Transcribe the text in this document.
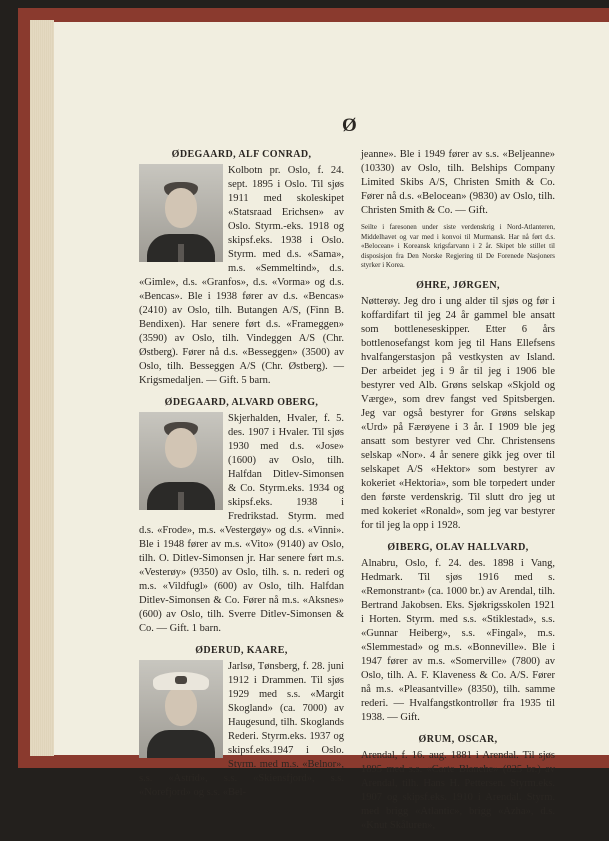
Ø
ØDEGAARD, ALF CONRAD,

Kolbotn pr. Oslo, f. 24. sept. 1895 i Oslo. Til sjøs 1911 med skoleskipet «Statsraad Erichsen» av Oslo. Styrm.-eks. 1918 og skipsf.eks. 1938 i Oslo. Styrm. med d.s. «Sama», m.s. «Semmeltind», d.s. «Gimle», d.s. «Granfos», d.s. «Vorma» og d.s. «Bencas». Ble i 1938 fører av d.s. «Bencas» (2410) av Oslo, tilh. Butangen A/S, (Finn B. Bendixen). Har senere ført d.s. «Frameggen» (3590) av Oslo, tilh. Vindeggen A/S (Chr. Østberg). Fører nå d.s. «Besseggen» (3500) av Oslo, tilh. Besseggen A/S (Chr. Østberg). — Krigsmedaljen. — Gift. 5 barn.

ØDEGAARD, ALVARD OBERG,

Skjerhalden, Hvaler, f. 5. des. 1907 i Hvaler. Til sjøs 1930 med d.s. «Jose» (1600) av Oslo, tilh. Halfdan Ditlev-Simonsen & Co. Styrm.eks. 1934 og skipsf.eks. 1938 i Fredrikstad. Styrm. med d.s. «Frode», m.s. «Vestergøy» og d.s. «Vinni». Ble i 1948 fører av m.s. «Vito» (9140) av Oslo, tilh. O. Ditlev-Simonsen jr. Har senere ført m.s. «Vesterøy» (9350) av Oslo, tilh. s. n. rederi og m.s. «Vildfugl» (600) av Oslo, tilh. Halfdan Ditlev-Simonsen & Co. Fører nå m.s. «Aksnes» (600) av Oslo, tilh. Sverre Ditlev-Simonsen & Co. — Gift. 1 barn.

ØDERUD, KAARE,

Jarlsø, Tønsberg, f. 28. juni 1912 i Drammen. Til sjøs 1929 med s.s. «Margit Skogland» (ca. 7000) av Haugesund, tilh. Skoglands Rederi. Styrm.eks. 1937 og skipsf.eks.1947 i Oslo. Styrm. med m.s. «Belnor», s.s. «Astrid», s.s. «Skiensfjord», s.s. «Norefjord» og s.s. «Bel-

jeanne». Ble i 1949 fører av s.s. «Beljeanne» (10330) av Oslo, tilh. Belships Company Limited Skibs A/S, Christen Smith & Co. Fører nå d.s. «Belocean» (9830) av Oslo, tilh. Christen Smith & Co. — Gift.

Seilte i faresonen under siste verdenskrig i Nord-Atlanteren, Middelhavet og var med i konvoi til Murmansk. Har nå ført d.s. «Belocean» i Koreansk krigsfarvann i 2 år. Skipet ble stillet til disposisjon fra Den Norske Regjering til De Forenede Nasjoners styrker i Korea.

ØHRE, JØRGEN,

Nøtterøy. Jeg dro i ung alder til sjøs og før i koffardifart til jeg 24 år gammel ble ansatt som bottleneseskipper. Etter 6 års bottlenosefangst kom jeg til Hans Ellefsens hvalfangerstasjon på vestkysten av Island. Der arbeidet jeg i 9 år til jeg i 1906 ble bestyrer ved Alb. Grøns selskap «Skjold og Værge», som drev fangst ved Spitsbergen. Jeg var også bestyrer for Grøns selskap «Urd» på Færøyene i 3 år. I 1909 ble jeg ansatt som bestyrer ved Chr. Christensens selskap «Nor». 4 år senere gikk jeg over til selskapet A/S «Hektor» som bestyrer av kokeriet «Hektoria», som ble torpedert under den første verdenskrig. Til slutt dro jeg ut med kokeriet «Ronald», som jeg var bestyrer for til jeg la opp i 1928.

ØIBERG, OLAV HALLVARD,

Alnabru, Oslo, f. 24. des. 1898 i Vang, Hedmark. Til sjøs 1916 med s. «Remonstrant» (ca. 1000 br.) av Arendal, tilh. Bertrand Jakobsen. Eks. Sjøkrigsskolen 1921 i Horten. Styrm. med s.s. «Stiklestad», s.s. «Gunnar Heiberg», s.s. «Fingal», m.s. «Slemmestad» og m.s. «Bonneville». Ble i 1947 fører av m.s. «Somerville» (7800) av Oslo, tilh. A. F. Klaveness & Co. A/S. Fører nå m.s. «Pleasantville» (8350), tilh. samme rederi. — Hvalfangstkontrollør fra 1935 til 1938. — Gift.

ØRUM, OSCAR,

Arendal, f. 16. aug. 1881 i Arendal. Til sjøs 1895 med s.s. «Carte Blanche» (825 br.) av Arendal, tilh. Hans H. Pettersen. Styrm.eks. 1907 og skipsf.eks. 1910 i Arendal. Styrm. med brigg «Atlantic», brigg «Azha», d.s. «Knut Skåluren»,
